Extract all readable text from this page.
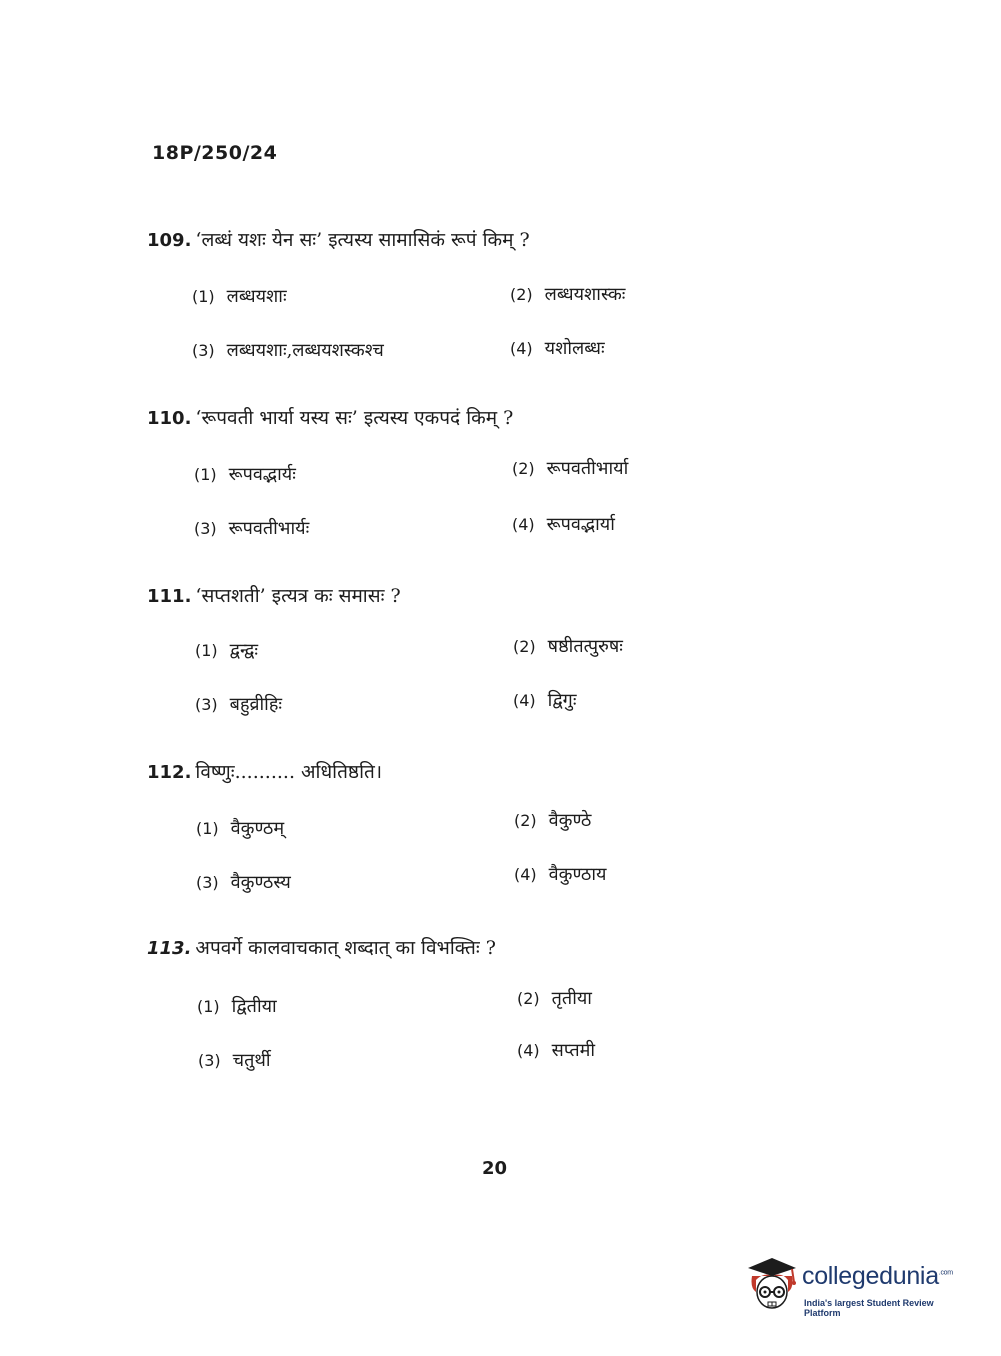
18P/250/24
109. ‘लब्धं यशः येन सः’ इत्यस्य सामासिकं रूपं किम् ?
(1) लब्धयशाः	(2) लब्धयशास्कः
(3) लब्धयशाः,लब्धयशस्कश्च	(4) यशोलब्धः
110. ‘रूपवती भार्या यस्य सः’ इत्यस्य एकपदं किम् ?
(1) रूपवद्भार्यः	(2) रूपवतीभार्या
(3) रूपवतीभार्यः	(4) रूपवद्भार्या
111. ‘सप्तशती’ इत्यत्र कः समासः ?
(1) द्वन्द्वः	(2) षष्ठीतत्पुरुषः
(3) बहुव्रीहिः	(4) द्विगुः
112. विष्णुः.......... अधितिष्ठति।
(1) वैकुण्ठम्	(2) वैकुण्ठे
(3) वैकुण्ठस्य	(4) वैकुण्ठाय
113. अपवर्गे कालवाचकात् शब्दात् का विभक्तिः ?
(1) द्वितीया	(2) तृतीया
(3) चतुर्थी	(4) सप्तमी
20
collegedunia$^{.com}$
India's largest Student Review Platform
